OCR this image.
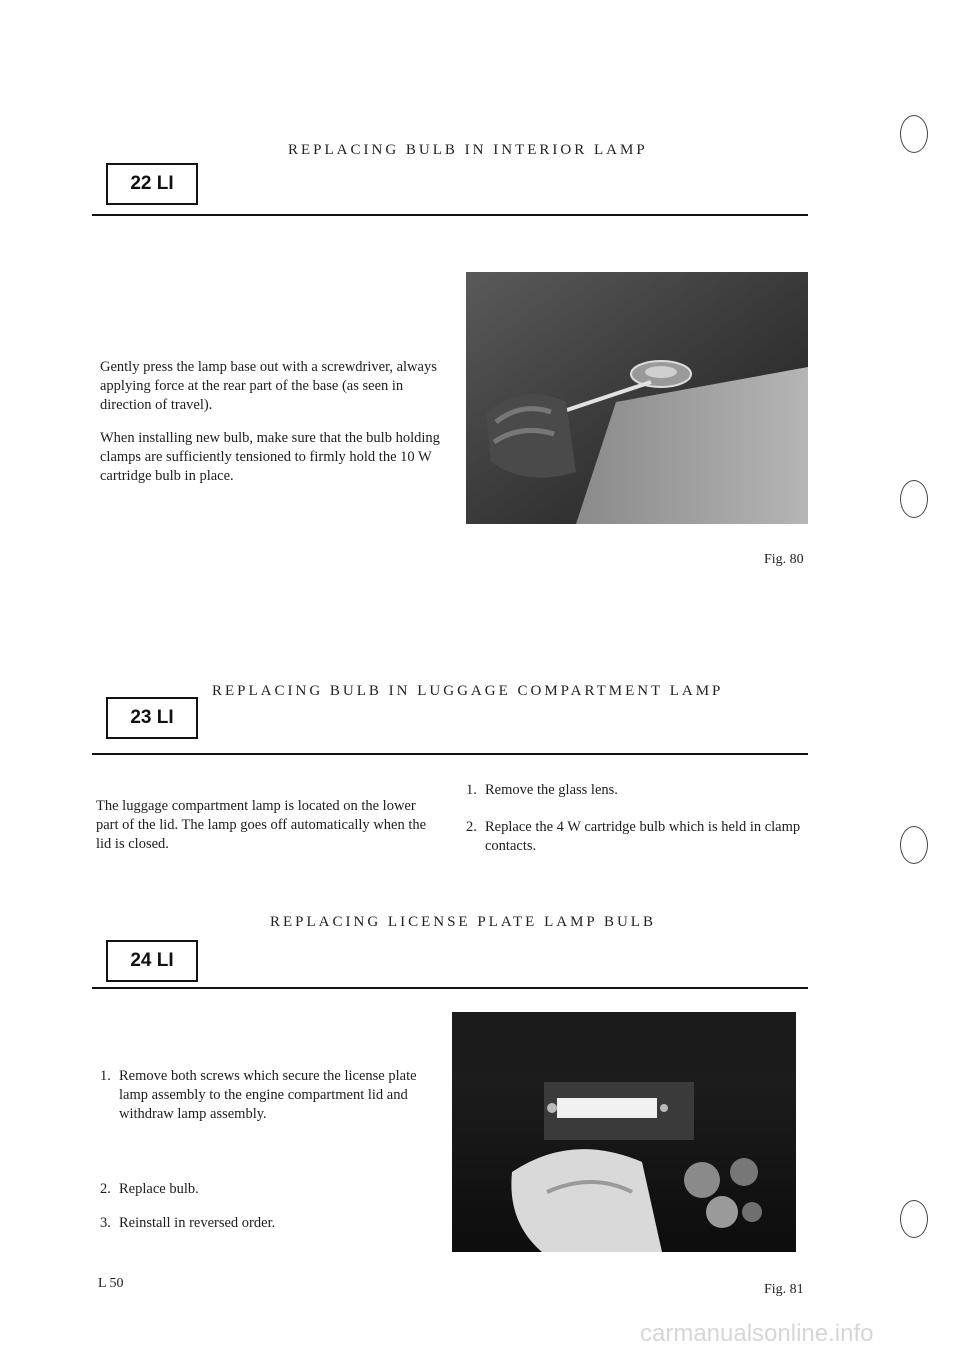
22 LI
REPLACING BULB IN INTERIOR LAMP

Gently press the lamp base out with a screwdriver, always applying force at the rear part of the base (as seen in direction of travel).

When installing new bulb, make sure that the bulb holding clamps are sufficiently tensioned to firmly hold the 10 W cartridge bulb in place.

Fig. 80
23 LI
REPLACING BULB IN LUGGAGE COMPARTMENT LAMP

The luggage compartment lamp is located on the lower part of the lid. The lamp goes off automatically when the lid is closed.

1. Remove the glass lens.
2. Replace the 4 W cartridge bulb which is held in clamp contacts.
24 LI
REPLACING LICENSE PLATE LAMP BULB
1. Remove both screws which secure the license plate lamp assembly to the engine compartment lid and withdraw lamp assembly.
2. Replace bulb.
3. Reinstall in reversed order.
Fig. 81
L 50
carmanualsonline.info
